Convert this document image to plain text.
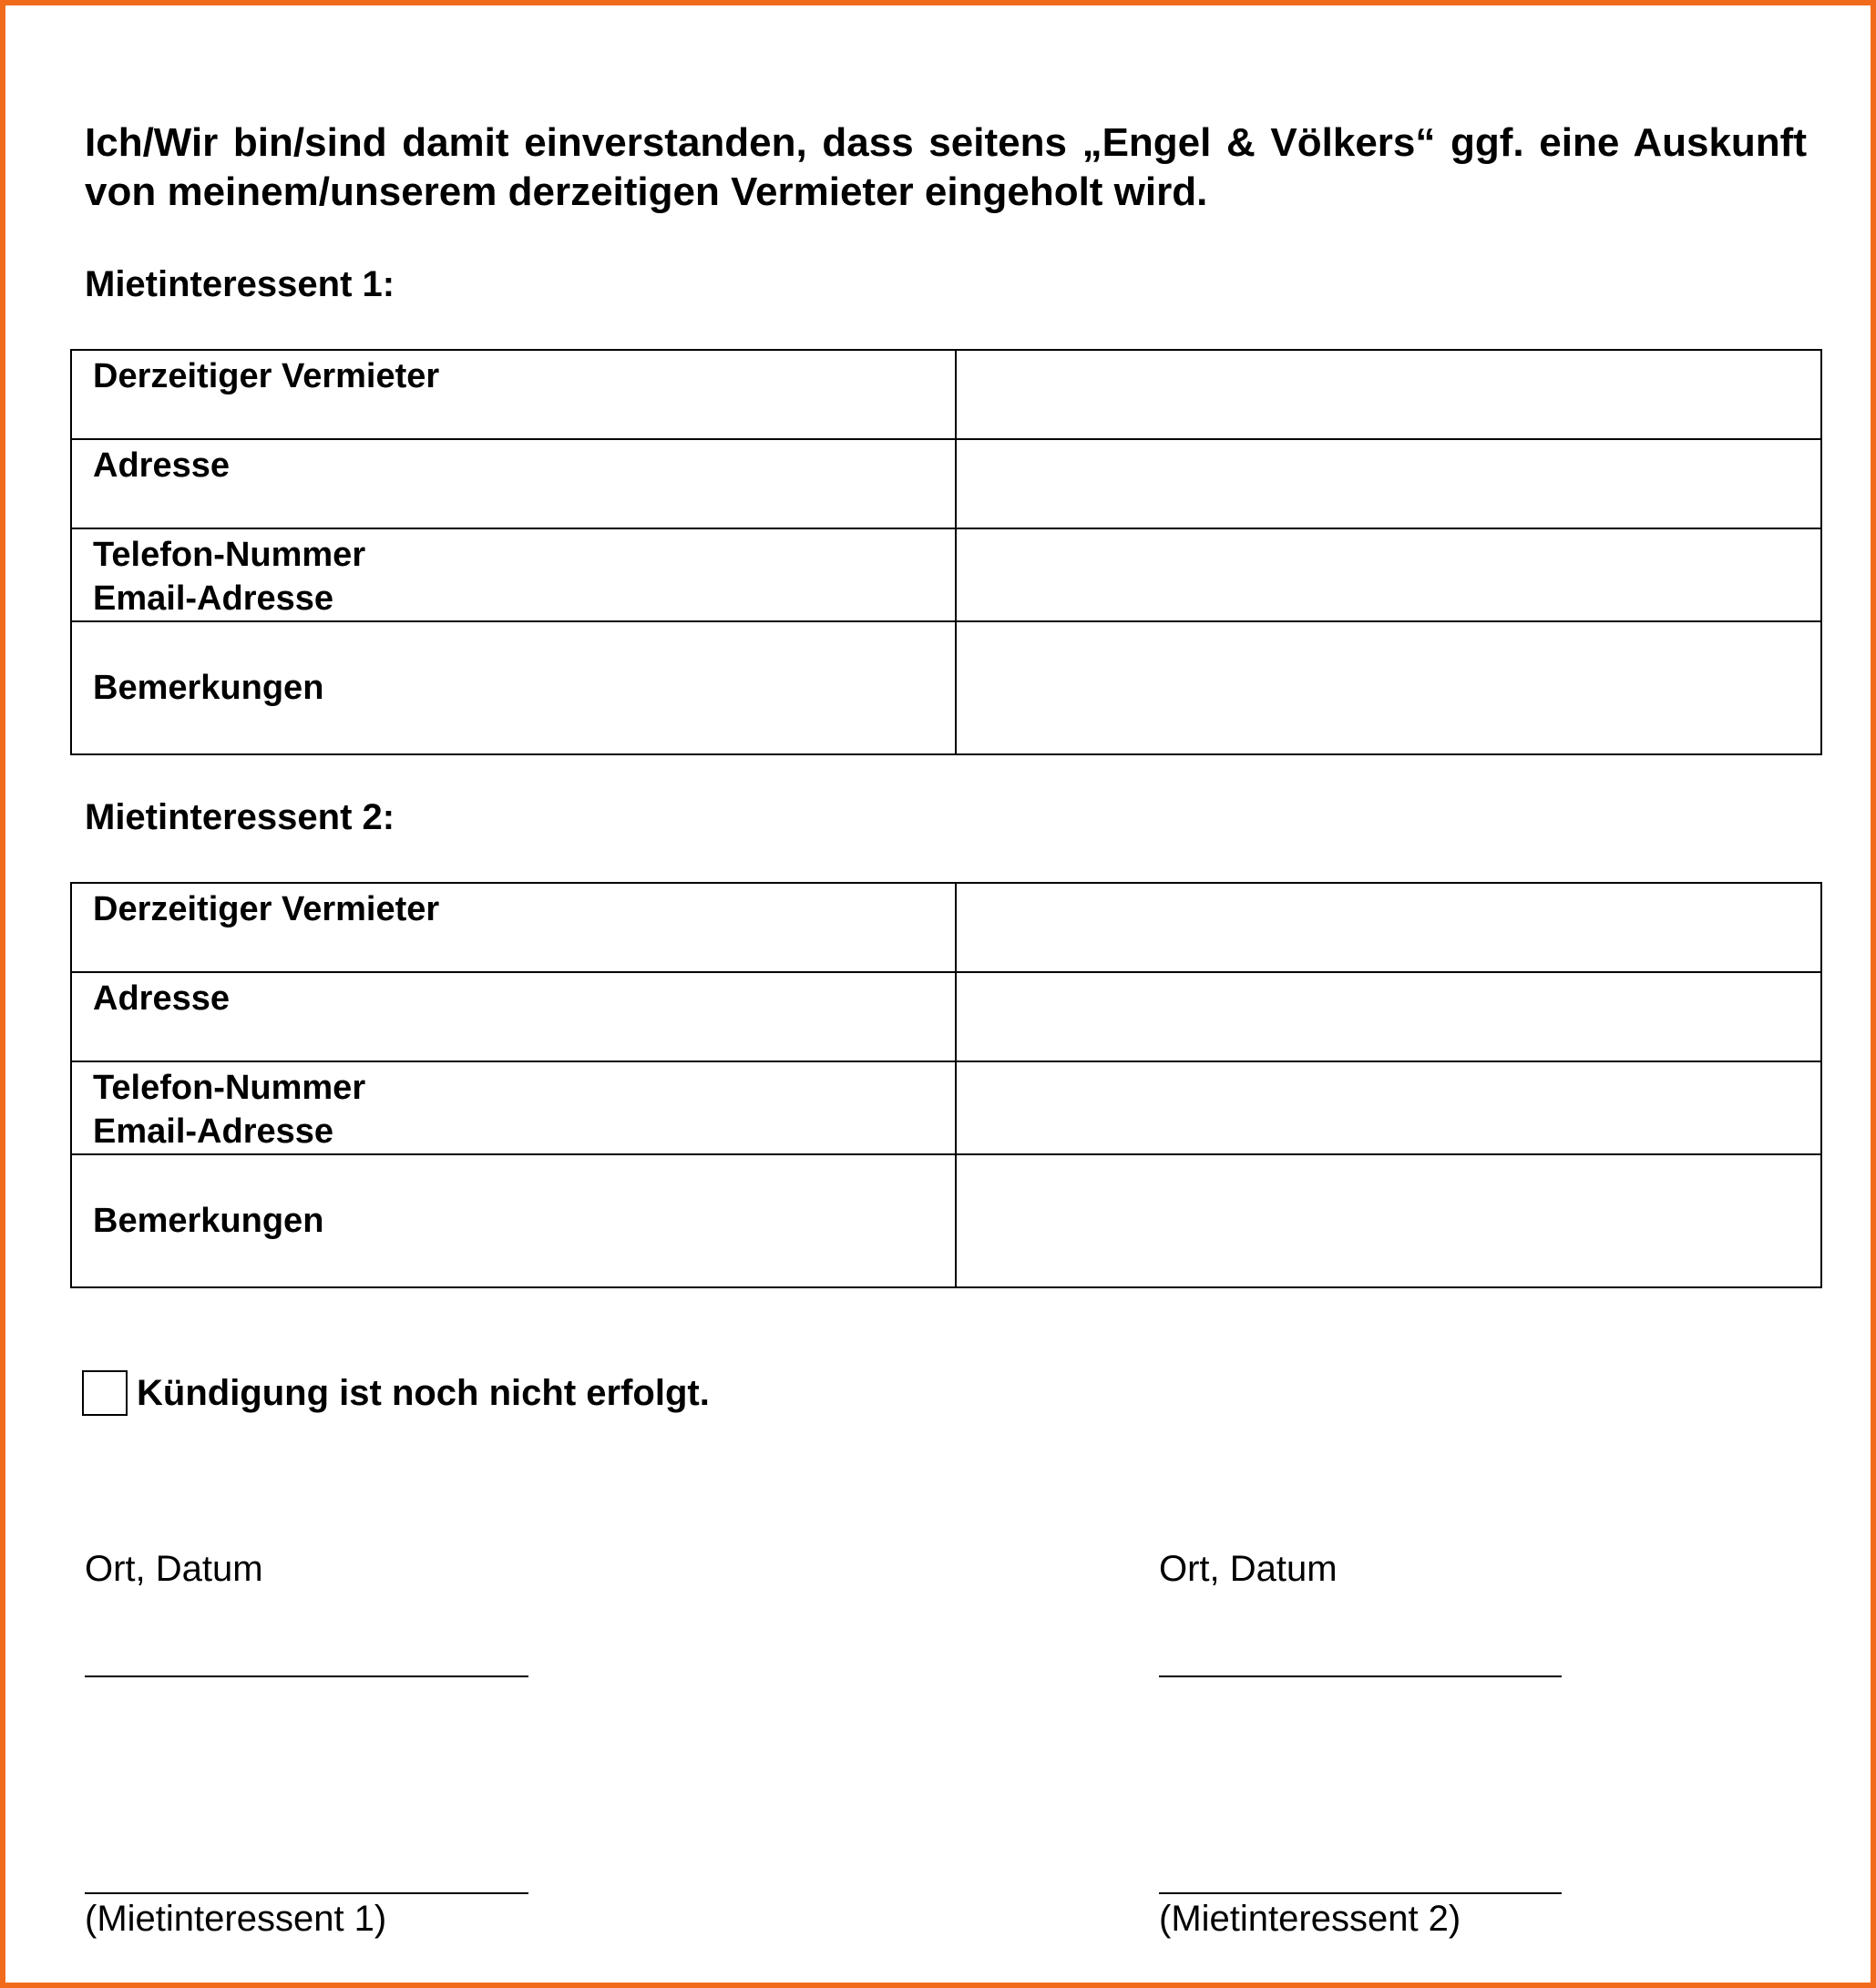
Ich/Wir bin/sind damit einverstanden, dass seitens „Engel & Völkers“ ggf. eine Auskunft von meinem/unserem derzeitigen Vermieter eingeholt wird.
Mietinteressent 1:
Derzeitiger Vermieter	

Adresse	

Telefon-Nummer
Email-Adresse	

Bemerkungen	

Mietinteressent 2:
Derzeitiger Vermieter	

Adresse	

Telefon-Nummer
Email-Adresse	

Bemerkungen	

Kündigung ist noch nicht erfolgt.
Ort, Datum	Ort, Datum
(Mietinteressent 1)	(Mietinteressent 2)
